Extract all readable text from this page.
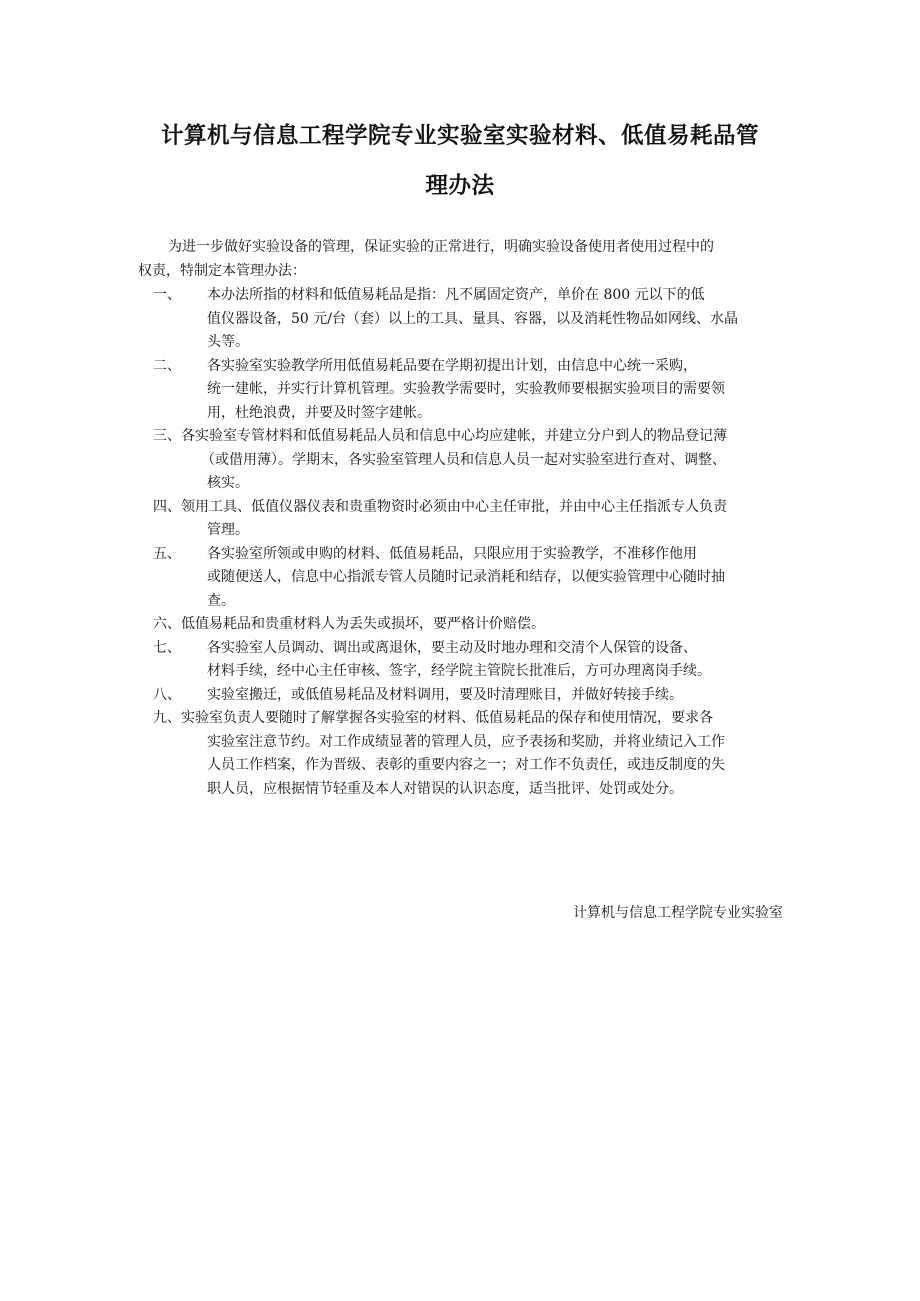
计算机与信息工程学院专业实验室实验材料、低值易耗品管
理办法
为进一步做好实验设备的管理，保证实验的正常进行，明确实验设备使用者使用过程中的
权责，特制定本管理办法：
一、 本办法所指的材料和低值易耗品是指：凡不属固定资产，单价在 800 元以下的低
值仪器设备，50 元/台（套）以上的工具、量具、容器，以及消耗性物品如网线、水晶
头等。
二、 各实验室实验教学所用低值易耗品要在学期初提出计划，由信息中心统一采购，
统一建帐，并实行计算机管理。实验教学需要时，实验教师要根据实验项目的需要领
用，杜绝浪费，并要及时签字建帐。
三、各实验室专管材料和低值易耗品人员和信息中心均应建帐，并建立分户到人的物品登记薄
（或借用薄）。学期末，各实验室管理人员和信息人员一起对实验室进行查对、调整、
核实。
四、领用工具、低值仪器仪表和贵重物资时必须由中心主任审批，并由中心主任指派专人负责
管理。
五、 各实验室所领或申购的材料、低值易耗品，只限应用于实验教学，不准移作他用
或随便送人，信息中心指派专管人员随时记录消耗和结存，以便实验管理中心随时抽
查。
六、低值易耗品和贵重材料人为丢失或损坏，要严格计价赔偿。
七、 各实验室人员调动、调出或离退休，要主动及时地办理和交清个人保管的设备、
材料手续，经中心主任审核、签字，经学院主管院长批准后，方可办理离岗手续。
八、 实验室搬迁，或低值易耗品及材料调用，要及时清理账目，并做好转接手续。
九、实验室负责人要随时了解掌握各实验室的材料、低值易耗品的保存和使用情况，要求各
实验室注意节约。对工作成绩显著的管理人员，应予表扬和奖励，并将业绩记入工作
人员工作档案，作为晋级、表彰的重要内容之一；对工作不负责任，或违反制度的失
职人员，应根据情节轻重及本人对错误的认识态度，适当批评、处罚或处分。
计算机与信息工程学院专业实验室
